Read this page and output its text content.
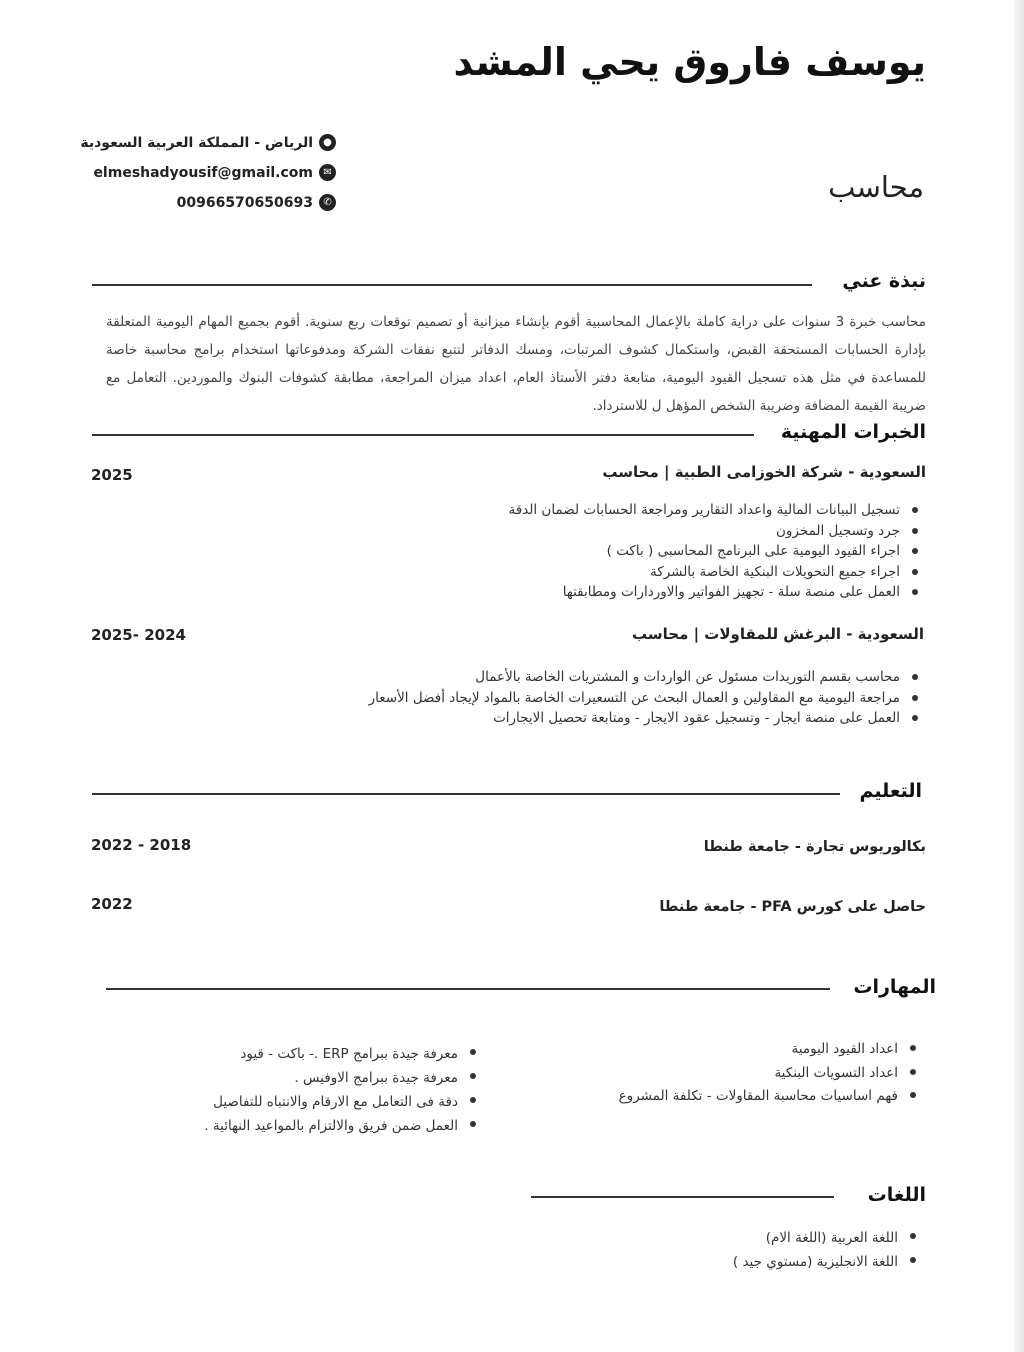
يوسف فاروق يحي المشد
محاسب
●
الرياض - المملكة العربية السعودية
✉
elmeshadyousif@gmail.com
✆
00966570650693
نبذة عني
محاسب خبرة 3 سنوات على دراية كاملة بالإعمال المحاسبية أقوم بإنشاء ميزانية أو تصميم توقعات ربع سنوية. أقوم بجميع المهام اليومية المتعلقة بإدارة الحسابات المستحقة القبض، واستكمال كشوف المرتبات، ومسك الدفاتر لتتبع نفقات الشركة ومدفوعاتها استخدام برامج محاسبة خاصة للمساعدة في مثل هذه تسجيل القيود اليومية، متابعة دفتر الأستاذ العام، اعداد ميزان المراجعة، مطابقة كشوفات البنوك والموردين. التعامل مع ضريبة القيمة المضافة وضريبة الشخص المؤهل ل للاسترداد.
الخبرات المهنية
السعودية - شركة الخوزامى الطبية | محاسب
2025
تسجيل البيانات المالية واعداد التقارير ومراجعة الحسابات لضمان الدقة
جرد وتسجيل المخزون
اجراء القيود اليومية على البرنامج المحاسبى ( باكت )
اجراء جميع التحويلات البنكية الخاصة بالشركة
العمل على منصة سلة - تجهيز الفواتير والاوردارات ومطابقتها
السعودية - البرغش للمقاولات | محاسب
2025- 2024
محاسب بقسم التوريدات مسئول عن الواردات و المشتريات الخاصة بالأعمال
مراجعة اليومية مع المقاولين و العمال البحث عن التسعيرات الخاصة بالمواد لإيجاد أفضل الأسعار
العمل على منصة ايجار - وتسجيل عقود الايجار - ومتابعة تحصيل الايجارات
التعليم
بكالوريوس تجارة - جامعة طنطا
2022 - 2018
حاصل على كورس PFA - جامعة طنطا
2022
المهارات
اعداد القيود اليومية
اعداد التسويات البنكية
فهم اساسيات محاسبة المقاولات - تكلفة المشروع
معرفة جيدة ببرامج ERP .- باكت - قيود
معرفة جيدة ببرامج الاوفيس .
دقة فى التعامل مع الارقام والانتباه للتفاصيل
العمل ضمن فريق والالتزام بالمواعيد النهائية .
اللغات
اللغة العربية (اللغة الام)
اللغة الانجليزية (مستوي جيد )
